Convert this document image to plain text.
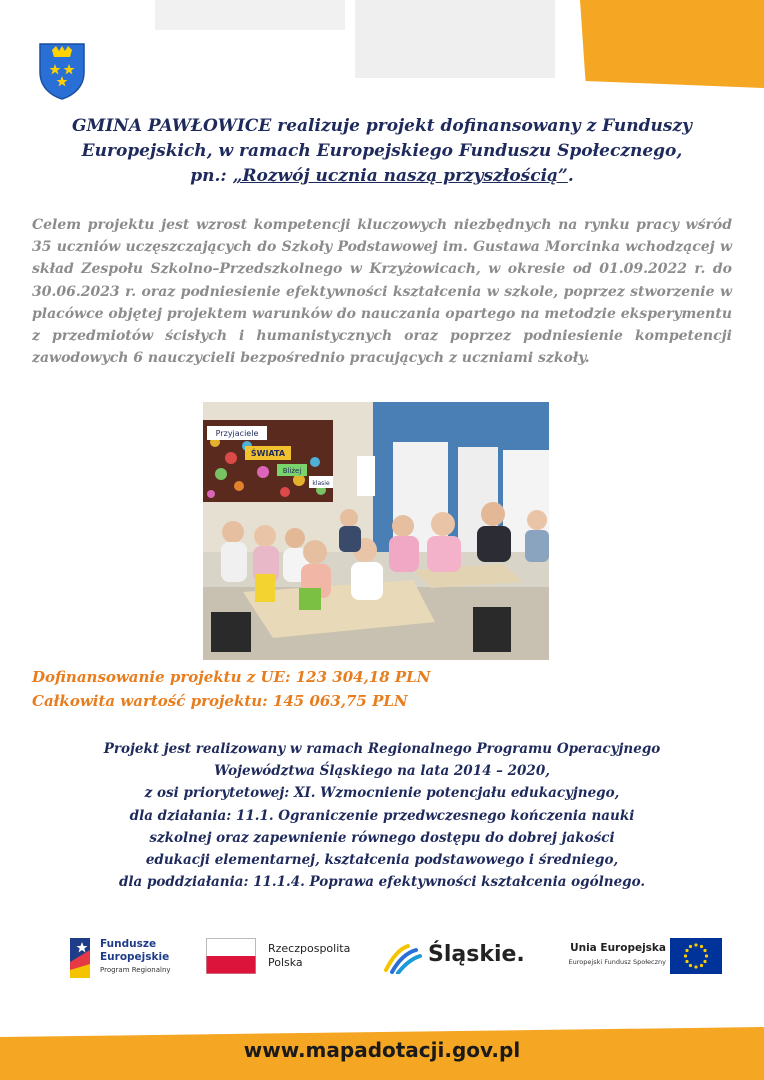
GMINA PAWŁOWICE realizuje projekt dofinansowany z Funduszy
Europejskich, w ramach Europejskiego Funduszu Społecznego,
pn.: „Rozwój ucznia naszą przyszłością”.

Celem projektu jest wzrost kompetencji kluczowych niezbędnych na rynku pracy wśród 35 uczniów uczęszczających do Szkoły Podstawowej im. Gustawa Morcinka wchodzącej w skład Zespołu Szkolno–Przedszkolnego w Krzyżowicach, w okresie od 01.09.2022 r. do 30.06.2023 r. oraz podniesienie efektywności kształcenia w szkole, poprzez stworzenie w placówce objętej projektem warunków do nauczania opartego na metodzie eksperymentu z przedmiotów ścisłych i humanistycznych oraz poprzez podniesienie kompetencji zawodowych 6 nauczycieli bezpośrednio pracujących z uczniami szkoły.

Przyjaciele
ŚWIATA
Bliżej
klasie
Dofinansowanie projektu z UE: 123 304,18 PLN
Całkowita wartość projektu: 145 063,75 PLN
Projekt jest realizowany w ramach Regionalnego Programu Operacyjnego
Województwa Śląskiego na lata 2014 – 2020,
z osi priorytetowej: XI. Wzmocnienie potencjału edukacyjnego,
dla działania: 11.1. Ograniczenie przedwczesnego kończenia nauki
szkolnej oraz zapewnienie równego dostępu do dobrej jakości
edukacji elementarnej, kształcenia podstawowego i średniego,
dla poddziałania: 11.1.4. Poprawa efektywności kształcenia ogólnego.
Fundusze
Europejskie
Program Regionalny
Rzeczpospolita
Polska	Śląskie.	Unia Europejska
Europejski Fundusz Społeczny
www.mapadotacji.gov.pl
